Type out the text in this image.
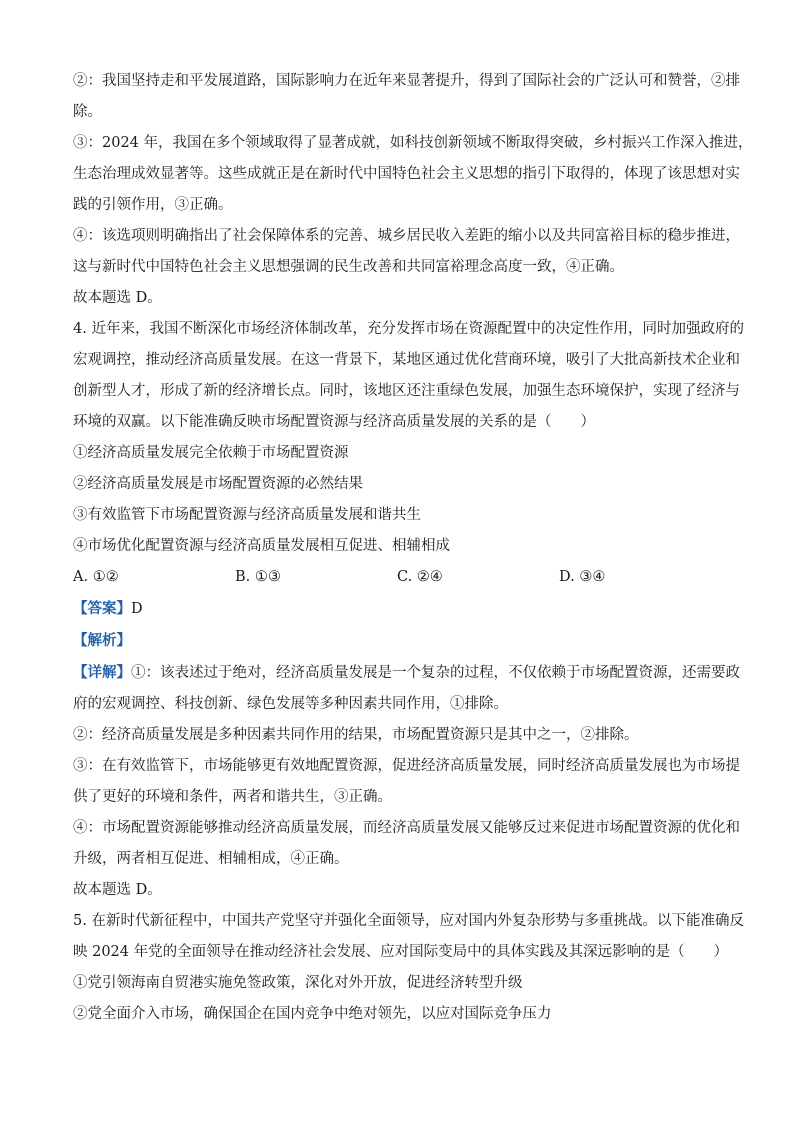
②：我国坚持走和平发展道路，国际影响力在近年来显著提升，得到了国际社会的广泛认可和赞誉，②排

除。

③：2024 年，我国在多个领域取得了显著成就，如科技创新领域不断取得突破，乡村振兴工作深入推进，

生态治理成效显著等。这些成就正是在新时代中国特色社会主义思想的指引下取得的，体现了该思想对实

践的引领作用，③正确。

④：该选项则明确指出了社会保障体系的完善、城乡居民收入差距的缩小以及共同富裕目标的稳步推进，

这与新时代中国特色社会主义思想强调的民生改善和共同富裕理念高度一致，④正确。

故本题选 D。

4. 近年来，我国不断深化市场经济体制改革，充分发挥市场在资源配置中的决定性作用，同时加强政府的

宏观调控，推动经济高质量发展。在这一背景下，某地区通过优化营商环境，吸引了大批高新技术企业和

创新型人才，形成了新的经济增长点。同时，该地区还注重绿色发展，加强生态环境保护，实现了经济与

环境的双赢。以下能准确反映市场配置资源与经济高质量发展的关系的是（　　）

①经济高质量发展完全依赖于市场配置资源

②经济高质量发展是市场配置资源的必然结果

③有效监管下市场配置资源与经济高质量发展和谐共生

④市场优化配置资源与经济高质量发展相互促进、相辅相成

A. ①②	B. ①③	C. ②④	D. ③④

【答案】D

【解析】

【详解】①：该表述过于绝对，经济高质量发展是一个复杂的过程，不仅依赖于市场配置资源，还需要政

府的宏观调控、科技创新、绿色发展等多种因素共同作用，①排除。

②：经济高质量发展是多种因素共同作用的结果，市场配置资源只是其中之一，②排除。

③：在有效监管下，市场能够更有效地配置资源，促进经济高质量发展，同时经济高质量发展也为市场提

供了更好的环境和条件，两者和谐共生，③正确。

④：市场配置资源能够推动经济高质量发展，而经济高质量发展又能够反过来促进市场配置资源的优化和

升级，两者相互促进、相辅相成，④正确。

故本题选 D。

5. 在新时代新征程中，中国共产党坚守并强化全面领导，应对国内外复杂形势与多重挑战。以下能准确反

映 2024 年党的全面领导在推动经济社会发展、应对国际变局中的具体实践及其深远影响的是（　　）

①党引领海南自贸港实施免签政策，深化对外开放，促进经济转型升级

②党全面介入市场，确保国企在国内竞争中绝对领先，以应对国际竞争压力
